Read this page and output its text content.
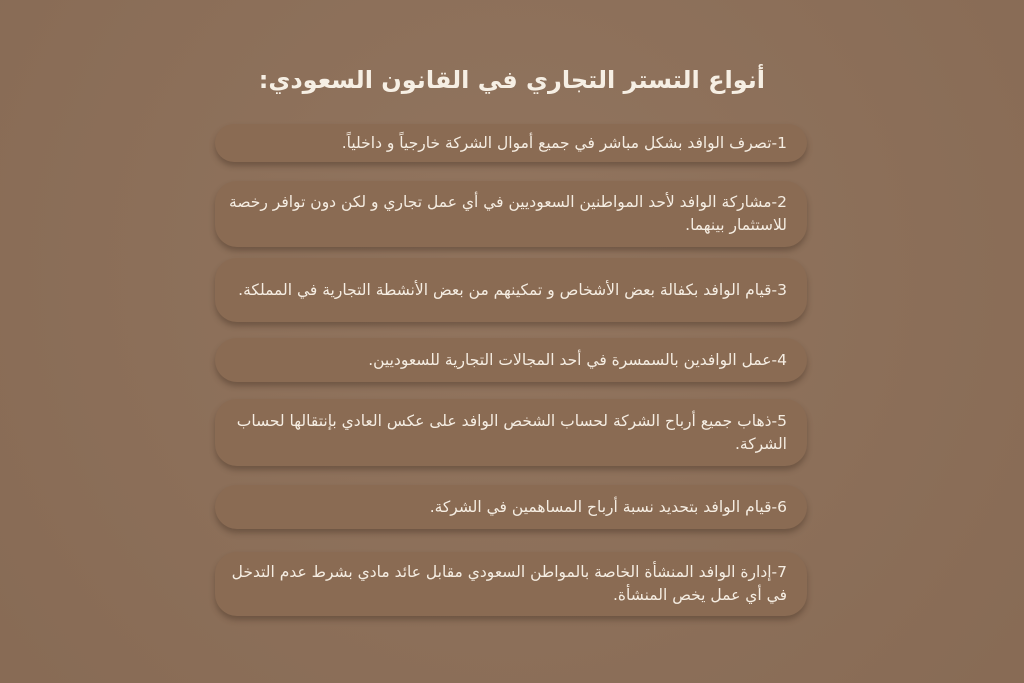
أنواع التستر التجاري في القانون السعودي:
1-تصرف الوافد بشكل مباشر في جميع أموال الشركة خارجياً و داخلياً.
2-مشاركة الوافد لأحد المواطنين السعوديين في أي عمل تجاري و لكن دون توافر رخصة للاستثمار بينهما.
3-قيام الوافد بكفالة بعض الأشخاص و تمكينهم من بعض الأنشطة التجارية في المملكة.
4-عمل الوافدين بالسمسرة في أحد المجالات التجارية للسعوديين.
5-ذهاب جميع أرباح الشركة لحساب الشخص الوافد على عكس العادي بإنتقالها لحساب الشركة.
6-قيام الوافد بتحديد نسبة أرباح المساهمين في الشركة.
7-إدارة الوافد المنشأة الخاصة بالمواطن السعودي مقابل عائد مادي بشرط عدم التدخل في أي عمل يخص المنشأة.
